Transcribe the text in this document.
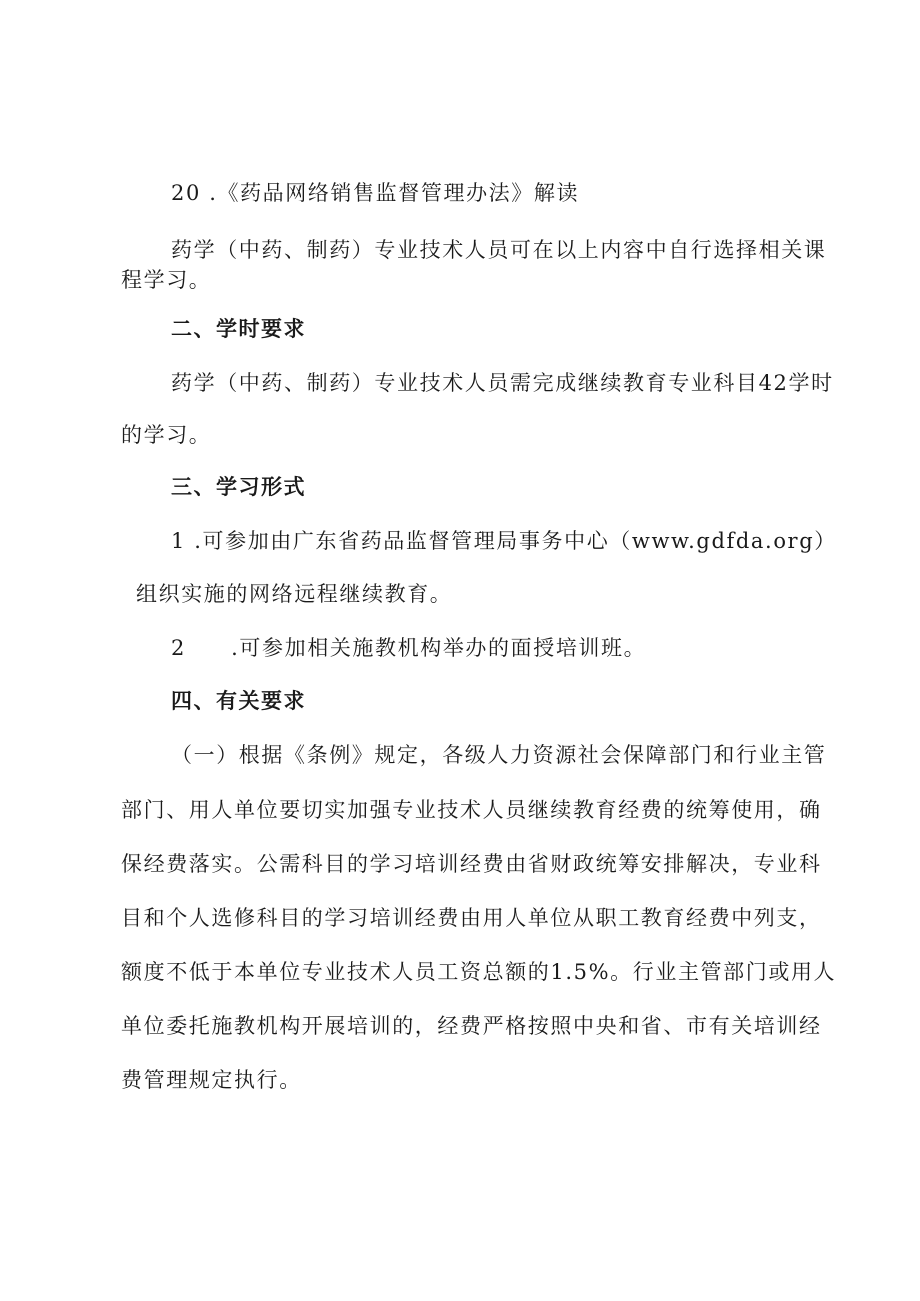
20 .《药品网络销售监督管理办法》解读
药学（中药、制药）专业技术人员可在以上内容中自行选择相关课
程学习。
二、学时要求
药学（中药、制药）专业技术人员需完成继续教育专业科目42学时
的学习。
三、学习形式
1 .可参加由广东省药品监督管理局事务中心（www.gdfda.org）
组织实施的网络远程继续教育。
2　　.可参加相关施教机构举办的面授培训班。
四、有关要求
（一）根据《条例》规定，各级人力资源社会保障部门和行业主管
部门、用人单位要切实加强专业技术人员继续教育经费的统筹使用，确
保经费落实。公需科目的学习培训经费由省财政统筹安排解决，专业科
目和个人选修科目的学习培训经费由用人单位从职工教育经费中列支，
额度不低于本单位专业技术人员工资总额的1.5%。行业主管部门或用人
单位委托施教机构开展培训的，经费严格按照中央和省、市有关培训经
费管理规定执行。
